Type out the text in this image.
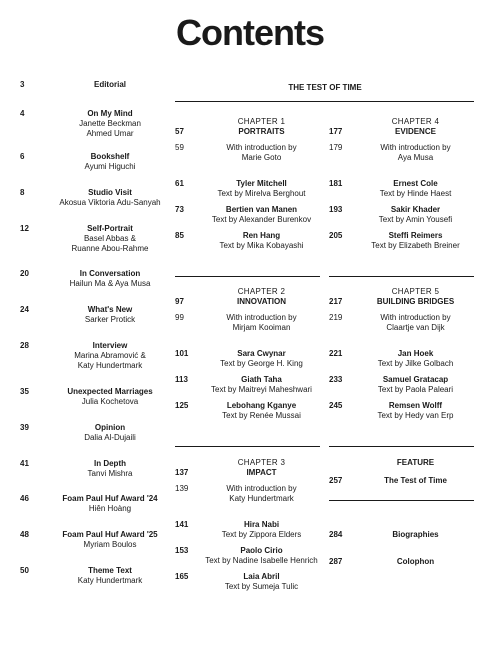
Contents
3	Editorial
4	On My Mind
Janette Beckman
Ahmed Umar
6	Bookshelf
Ayumi Higuchi
8	Studio Visit
Akosua Viktoria Adu-Sanyah
12	Self-Portrait
Basel Abbas &
Ruanne Abou-Rahme
20	In Conversation
Hailun Ma & Aya Musa
24	What's New
Sarker Protick
28	Interview
Marina Abramović &
Katy Hundertmark
35	Unexpected Marriages
Julia Kochetova
39	Opinion
Dalia Al-Dujaili
41	In Depth
Tanvi Mishra
46	Foam Paul Huf Award '24
Hiên Hoàng
48	Foam Paul Huf Award '25
Myriam Boulos
50	Theme Text
Katy Hundertmark
THE TEST OF TIME
57
CHAPTER 1
PORTRAITS
59	With introduction by
Marie Goto
61	Tyler Mitchell
Text by Mirelva Berghout
73	Bertien van Manen
Text by Alexander Burenkov
85	Ren Hang
Text by Mika Kobayashi
177
CHAPTER 4
EVIDENCE
179	With introduction by
Aya Musa
181	Ernest Cole
Text by Hinde Haest
193	Sakir Khader
Text by Amin Yousefi
205	Steffi Reimers
Text by Elizabeth Breiner
97
CHAPTER 2
INNOVATION
99	With introduction by
Mirjam Kooiman
101	Sara Cwynar
Text by George H. King
113	Giath Taha
Text by Maitreyi Maheshwari
125	Lebohang Kganye
Text by Renée Mussai
217
CHAPTER 5
BUILDING BRIDGES
219	With introduction by
Claartje van Dijk
221	Jan Hoek
Text by Jilke Golbach
233	Samuel Gratacap
Text by Paola Paleari
245	Remsen Wolff
Text by Hedy van Erp
137
CHAPTER 3
IMPACT
139	With introduction by
Katy Hundertmark
141	Hira Nabi
Text by Zippora Elders
153	Paolo Cirio
Text by Nadine Isabelle Henrich
165	Laia Abril
Text by Sumeja Tulic
FEATURE
257	The Test of Time
284	Biographies
287	Colophon
